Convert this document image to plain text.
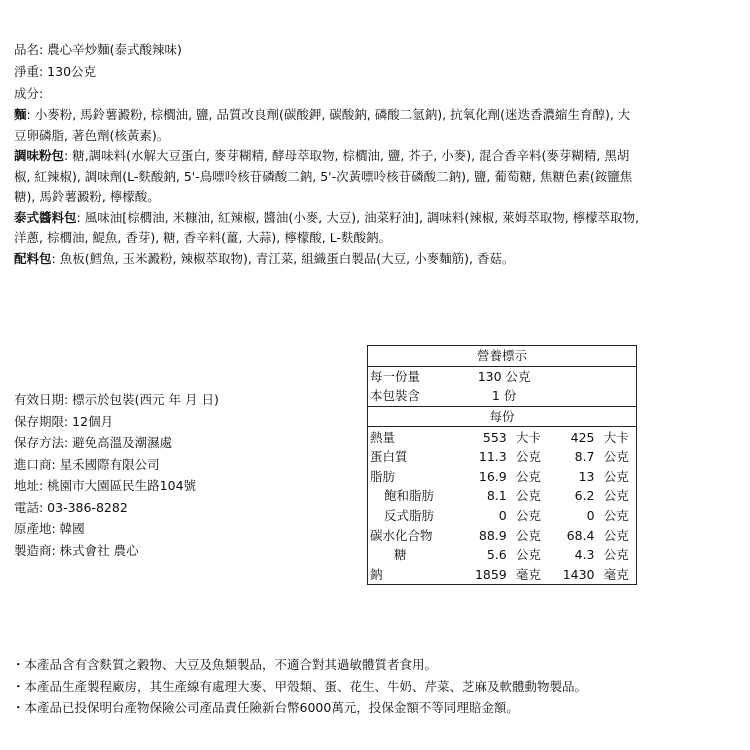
品名: 農心辛炒麵(泰式酸辣味)
淨重: 130公克
成分:

麵: 小麥粉, 馬鈴薯澱粉, 棕櫚油, 鹽, 品質改良劑(碳酸鉀, 碳酸鈉, 磷酸二氫鈉), 抗氧化劑(迷迭香濃縮生育醇), 大豆卵磷脂, 著色劑(核黃素)。

調味粉包: 糖,調味料(水解大豆蛋白, 麥芽糊精, 酵母萃取物, 棕櫚油, 鹽, 芥子, 小麥), 混合香辛料(麥芽糊精, 黑胡椒, 紅辣椒), 調味劑(L-麩酸鈉, 5'-鳥嘌呤核苷磷酸二鈉, 5'-次黃嘌呤核苷磷酸二鈉), 鹽, 葡萄糖, 焦糖色素(銨鹽焦糖), 馬鈴薯澱粉, 檸檬酸。

泰式醬料包: 風味油[棕櫚油, 米糠油, 紅辣椒, 醬油(小麥, 大豆), 油菜籽油], 調味料(辣椒, 萊姆萃取物, 檸檬萃取物, 洋蔥, 棕櫚油, 鯷魚, 香芽), 糖, 香辛料(薑, 大蒜), 檸檬酸, L-麩酸鈉。

配料包: 魚板(鱈魚, 玉米澱粉, 辣椒萃取物), 青江菜, 組織蛋白製品(大豆, 小麥麵筋), 香菇。

有效日期: 標示於包裝(西元 年 月 日)
保存期限: 12個月
保存方法: 避免高溫及潮濕處
進口商: 星禾國際有限公司
地址: 桃園市大園區民生路104號
電話: 03-386-8282
原產地: 韓國
製造商: 株式會社 農心
營養標示				
每一份量	130 公克			
本包裝含	1 份			
每份				
熱量	553	大卡	425	大卡
蛋白質	11.3	公克	8.7	公克
脂肪	16.9	公克	13	公克
飽和脂肪	8.1	公克	6.2	公克
反式脂肪	0	公克	0	公克
碳水化合物	88.9	公克	68.4	公克
糖	5.6	公克	4.3	公克
鈉	1859	毫克	1430	毫克
・本產品含有含麩質之穀物、大豆及魚類製品，不適合對其過敏體質者食用。
・本產品生產製程廠房，其生產線有處理大麥、甲殼類、蛋、花生、牛奶、芹菜、芝麻及軟體動物製品。
・本產品已投保明台產物保險公司產品責任險新台幣6000萬元，投保金額不等同理賠金額。
